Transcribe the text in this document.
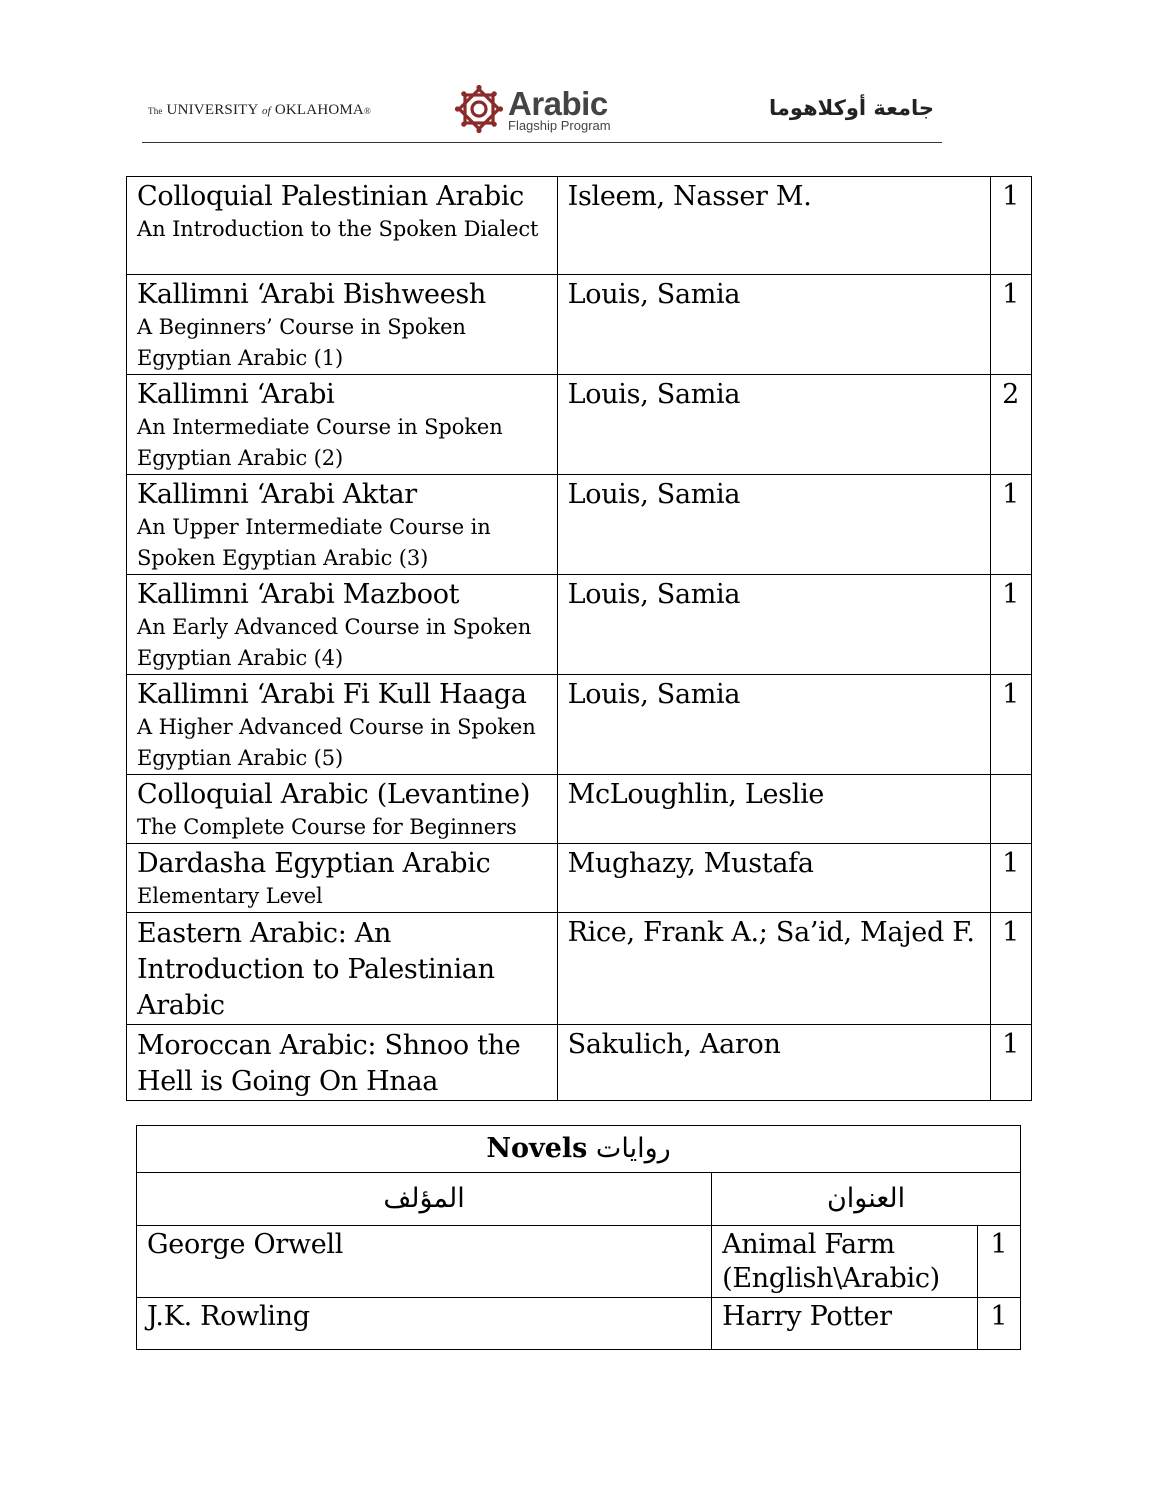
The UNIVERSITY of OKLAHOMA®	Arabic
Flagship Program
جامعة أوكلاهوما
Colloquial Palestinian Arabic
An Introduction to the Spoken Dialect	Isleem, Nasser M.	1

Kallimni ‘Arabi Bishweesh
A Beginners’ Course in Spoken Egyptian Arabic (1)	Louis, Samia	1

Kallimni ‘Arabi
An Intermediate Course in Spoken Egyptian Arabic (2)	Louis, Samia	2

Kallimni ‘Arabi Aktar
An Upper Intermediate Course in Spoken Egyptian Arabic (3)	Louis, Samia	1

Kallimni ‘Arabi Mazboot
An Early Advanced Course in Spoken Egyptian Arabic (4)	Louis, Samia	1

Kallimni ‘Arabi Fi Kull Haaga
A Higher Advanced Course in Spoken Egyptian Arabic (5)	Louis, Samia	1

Colloquial Arabic (Levantine)
The Complete Course for Beginners	McLoughlin, Leslie	

Dardasha Egyptian Arabic
Elementary Level	Mughazy, Mustafa	1

Eastern Arabic: An Introduction to Palestinian Arabic	Rice, Frank A.; Sa’id, Majed F.	1

Moroccan Arabic: Shnoo the Hell is Going On Hnaa	Sakulich, Aaron	1
Novels روايات		

المؤلف	العنوان	

George Orwell	Animal Farm (English\Arabic)	1

J.K. Rowling	Harry Potter	1
